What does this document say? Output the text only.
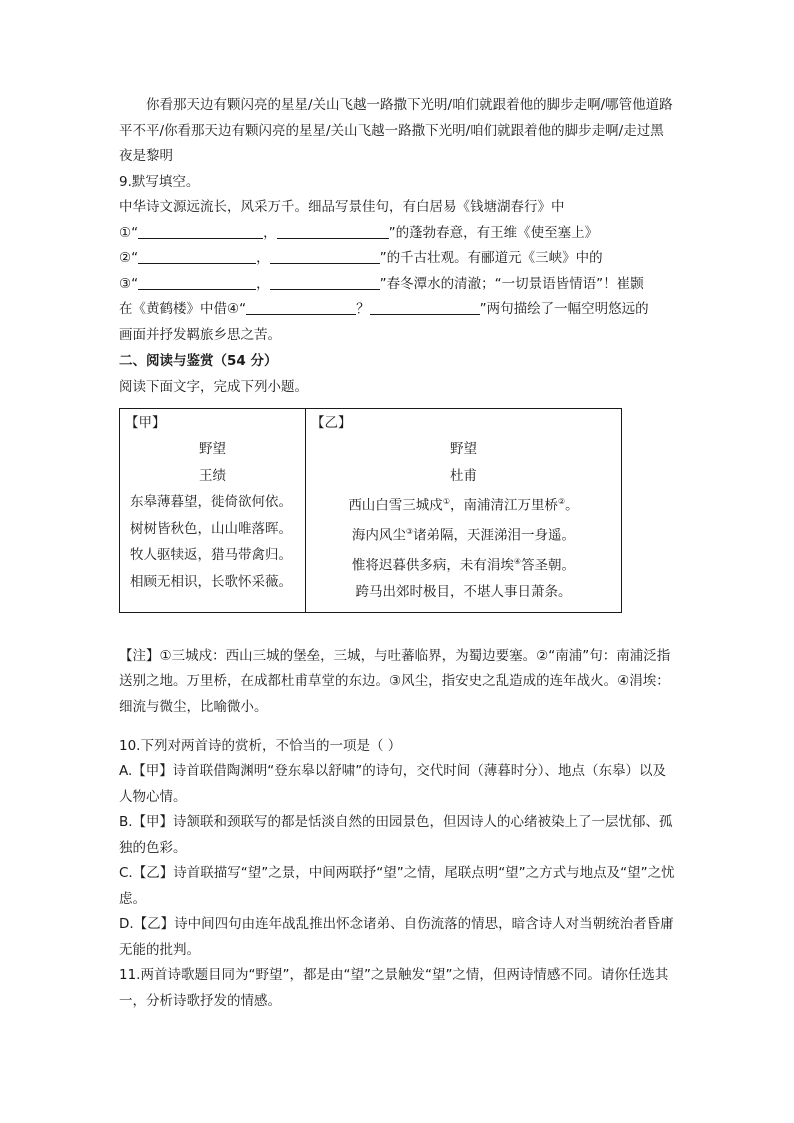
你看那天边有颗闪亮的星星/关山飞越一路撒下光明/咱们就跟着他的脚步走啊/哪管他道路平不平/你看那天边有颗闪亮的星星/关山飞越一路撒下光明/咱们就跟着他的脚步走啊/走过黑夜是黎明

9.默写填空。

中华诗文源远流长，风采万千。细品写景佳句，有白居易《钱塘湖春行》中

①“	，	”的蓬勃春意，有王维《使至塞上》

②“	，	”的千古壮观。有郦道元《三峡》中的

③“	，	”春冬潭水的清澈；“一切景语皆情语”！崔颢

在《黄鹤楼》中借④“	？	”两句描绘了一幅空明悠远的

画面并抒发羁旅乡思之苦。

二、阅读与鉴赏（54 分）

阅读下面文字，完成下列小题。

【甲】
野望
王绩
东皋薄暮望，徙倚欲何依。
树树皆秋色，山山唯落晖。
牧人驱犊返，猎马带禽归。
相顾无相识，长歌怀采薇。

【乙】
野望
杜甫
西山白雪三城戍①，南浦清江万里桥②。
海内风尘③诸弟隔，天涯涕泪一身遥。
惟将迟暮供多病，未有涓埃④答圣朝。
跨马出郊时极目，不堪人事日萧条。

【注】①三城戍：西山三城的堡垒，三城，与吐蕃临界，为蜀边要塞。②“南浦”句：南浦泛指送别之地。万里桥，在成都杜甫草堂的东边。③风尘，指安史之乱造成的连年战火。④涓埃：细流与微尘，比喻微小。

10.下列对两首诗的赏析，不恰当的一项是（ ）

A.【甲】诗首联借陶渊明“登东皋以舒啸”的诗句，交代时间（薄暮时分）、地点（东皋）以及人物心情。

B.【甲】诗颔联和颈联写的都是恬淡自然的田园景色，但因诗人的心绪被染上了一层忧郁、孤独的色彩。

C.【乙】诗首联描写“望”之景，中间两联抒“望”之情，尾联点明“望”之方式与地点及“望”之忧虑。

D.【乙】诗中间四句由连年战乱推出怀念诸弟、自伤流落的情思，暗含诗人对当朝统治者昏庸无能的批判。

11.两首诗歌题目同为“野望”，都是由“望”之景触发“望”之情，但两诗情感不同。请你任选其一，分析诗歌抒发的情感。
